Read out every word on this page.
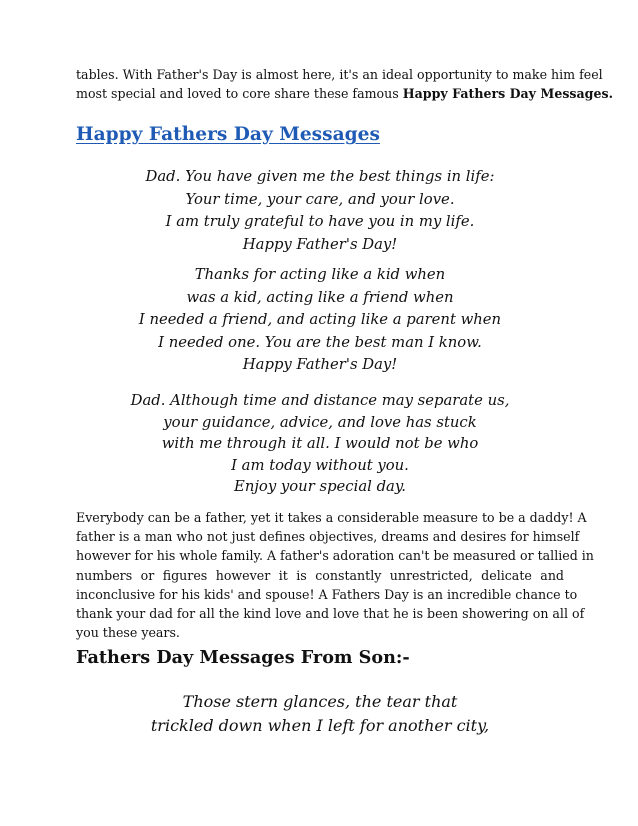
tables. With Father's Day is almost here, it's an ideal opportunity to make him feel
most special and loved to core share these famous Happy Fathers Day Messages.
Happy Fathers Day Messages
Dad. You have given me the best things in life:
Your time, your care, and your love.
I am truly grateful to have you in my life.
Happy Father's Day!
Thanks for acting like a kid when
was a kid, acting like a friend when
I needed a friend, and acting like a parent when
I needed one. You are the best man I know.
Happy Father's Day!
Dad. Although time and distance may separate us,
your guidance, advice, and love has stuck
with me through it all. I would not be who
I am today without you.
Enjoy your special day.
Everybody can be a father, yet it takes a considerable measure to be a daddy! A
father is a man who not just defines objectives, dreams and desires for himself
however for his whole family. A father's adoration can't be measured or tallied in
numbers or figures however it is constantly unrestricted, delicate and
inconclusive for his kids' and spouse! A Fathers Day is an incredible chance to
thank your dad for all the kind love and love that he is been showering on all of
you these years.
Fathers Day Messages From Son:-
Those stern glances, the tear that
trickled down when I left for another city,
